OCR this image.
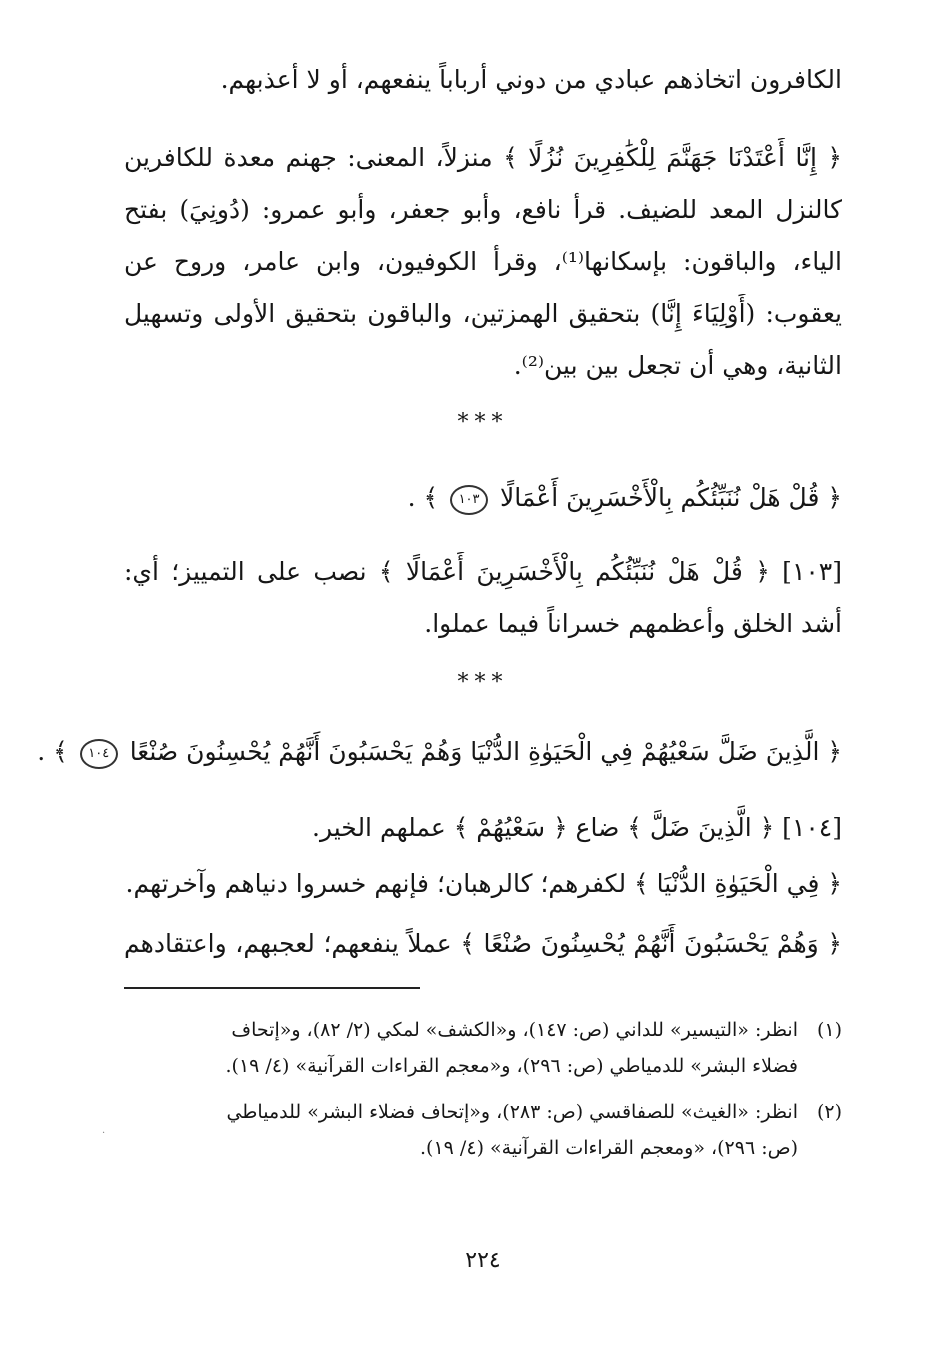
الكافرون اتخاذهم عبادي من دوني أرباباً ينفعهم، أو لا أعذبهم.
﴿ إِنَّا أَعْتَدْنَا جَهَنَّمَ لِلْكَٰفِرِينَ نُزُلًا ﴾ منزلاً، المعنى: جهنم معدة للكافرين
كالنزل المعد للضيف. قرأ نافع، وأبو جعفر، وأبو عمرو: (دُونِيَ) بفتح
الياء، والباقون: بإسكانها⁽¹⁾، وقرأ الكوفيون، وابن عامر، وروح عن
يعقوب: (أَوْلِيَاءَ إِنَّا) بتحقيق الهمزتين، والباقون بتحقيق الأولى وتسهيل
الثانية، وهي أن تجعل بين بين⁽²⁾.
***
﴿ قُلْ هَلْ نُنَبِّئُكُم بِالْأَخْسَرِينَ أَعْمَالًا ١٠٣ ﴾ .
[١٠٣] ﴿ قُلْ هَلْ نُنَبِّئُكُم بِالْأَخْسَرِينَ أَعْمَالًا ﴾ نصب على التمييز؛ أي:
أشد الخلق وأعظمهم خسراناً فيما عملوا.
***
﴿ الَّذِينَ ضَلَّ سَعْيُهُمْ فِي الْحَيَوٰةِ الدُّنْيَا وَهُمْ يَحْسَبُونَ أَنَّهُمْ يُحْسِنُونَ صُنْعًا ١٠٤ ﴾ .
[١٠٤] ﴿ الَّذِينَ ضَلَّ ﴾ ضاع ﴿ سَعْيُهُمْ ﴾ عملهم الخير.
﴿ فِي الْحَيَوٰةِ الدُّنْيَا ﴾ لكفرهم؛ كالرهبان؛ فإنهم خسروا دنياهم وآخرتهم.
﴿ وَهُمْ يَحْسَبُونَ أَنَّهُمْ يُحْسِنُونَ صُنْعًا ﴾ عملاً ينفعهم؛ لعجبهم، واعتقادهم
(١)انظر: «التيسير» للداني (ص: ١٤٧)، و«الكشف» لمكي (٢/ ٨٢)، و«إتحاف
فضلاء البشر» للدمياطي (ص: ٢٩٦)، و«معجم القراءات القرآنية» (٤/ ١٩).
(٢)انظر: «الغيث» للصفاقسي (ص: ٢٨٣)، و«إتحاف فضلاء البشر» للدمياطي
(ص: ٢٩٦)، «ومعجم القراءات القرآنية» (٤/ ١٩).
٢٢٤
·
